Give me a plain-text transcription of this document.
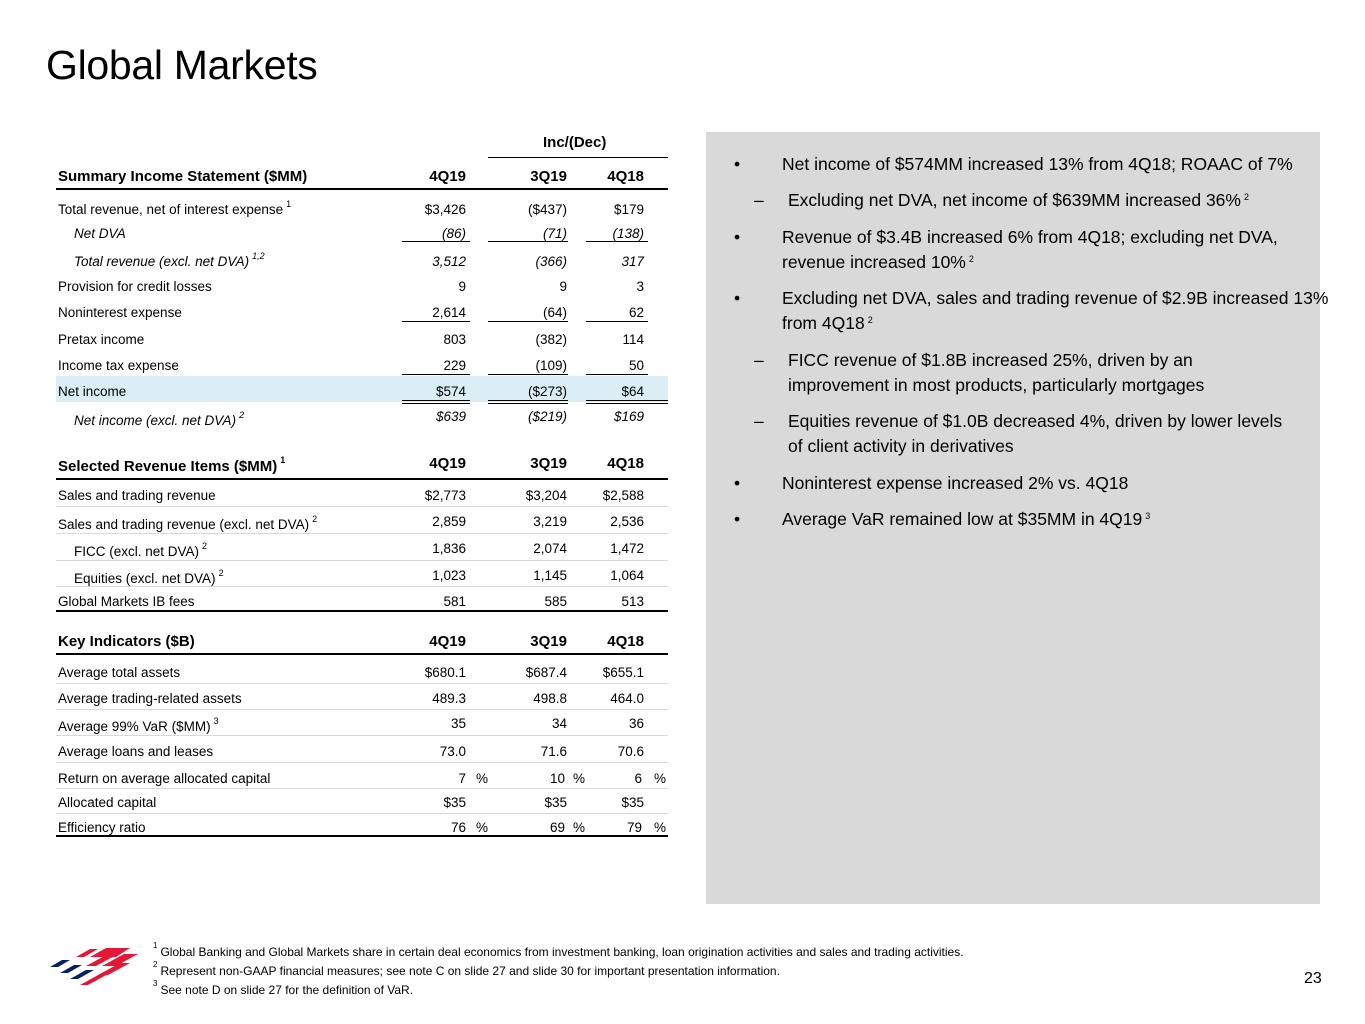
Global Markets
Inc/(Dec)
Summary Income Statement ($MM)	4Q19	3Q19	4Q18
Total revenue, net of interest expense $^1$	$3,426	($437)	$179
Net DVA	(86)	(71)	(138)
Total revenue (excl. net DVA) $^{1,2}$	3,512	(366)	317
Provision for credit losses	9	9	3
Noninterest expense	2,614	(64)	62
Pretax income	803	(382)	114
Income tax expense	229	(109)	50
Net income	$574	($273)	$64
Net income (excl. net DVA) $^2$	$639	($219)	$169
Selected Revenue Items ($MM) $^1$	4Q19	3Q19	4Q18
Sales and trading revenue	$2,773	$3,204	$2,588
Sales and trading revenue (excl. net DVA) $^2$	2,859	3,219	2,536
FICC (excl. net DVA) $^2$	1,836	2,074	1,472
Equities (excl. net DVA) $^2$	1,023	1,145	1,064
Global Markets IB fees	581	585	513
Key Indicators ($B)	4Q19	3Q19	4Q18
Average total assets	$680.1	$687.4	$655.1
Average trading-related assets	489.3	498.8	464.0
Average 99% VaR ($MM) $^3$	35	34	36
Average loans and leases	73.0	71.6	70.6
Return on average allocated capital	7 %	10 %	6 %
Allocated capital	$35	$35	$35
Efficiency ratio	76 %	69 %	79 %
• Net income of $574MM increased 13% from 4Q18; ROAAC of 7%
– Excluding net DVA, net income of $639MM increased 36% $^2$
• Revenue of $3.4B increased 6% from 4Q18; excluding net DVA, revenue increased 10% $^2$
• Excluding net DVA, sales and trading revenue of $2.9B increased 13% from 4Q18 $^2$
– FICC revenue of $1.8B increased 25%, driven by an improvement in most products, particularly mortgages
– Equities revenue of $1.0B decreased 4%, driven by lower levels of client activity in derivatives
• Noninterest expense increased 2% vs. 4Q18
• Average VaR remained low at $35MM in 4Q19 $^3$
$^1$ Global Banking and Global Markets share in certain deal economics from investment banking, loan origination activities and sales and trading activities.
$^2$ Represent non-GAAP financial measures; see note C on slide 27 and slide 30 for important presentation information.
$^3$ See note D on slide 27 for the definition of VaR.
23
